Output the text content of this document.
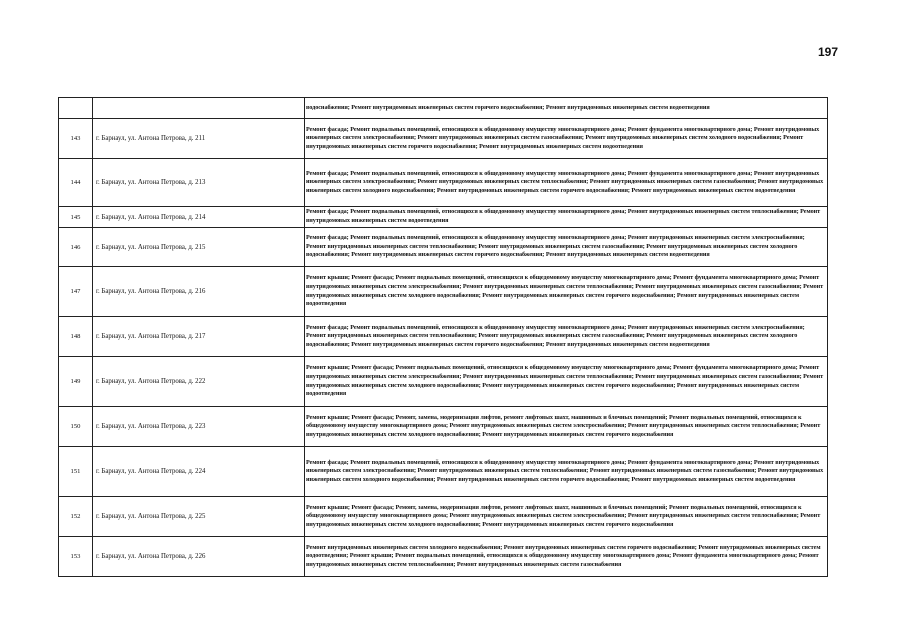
197
		водоснабжения; Ремонт внутридомовых инженерных систем горячего водоснабжения; Ремонт внутридомовых инженерных систем водоотведения
143	г. Барнаул, ул. Антона Петрова, д. 211	Ремонт фасада; Ремонт подвальных помещений, относящихся к общедомовому имуществу многоквартирного дома; Ремонт фундамента многоквартирного дома; Ремонт внутридомовых инженерных систем электроснабжения; Ремонт внутридомовых инженерных систем газоснабжения; Ремонт внутридомовых инженерных систем холодного водоснабжения; Ремонт внутридомовых инженерных систем горячего водоснабжения; Ремонт внутридомовых инженерных систем водоотведения
144	г. Барнаул, ул. Антона Петрова, д. 213	Ремонт фасада; Ремонт подвальных помещений, относящихся к общедомовому имуществу многоквартирного дома; Ремонт фундамента многоквартирного дома; Ремонт внутридомовых инженерных систем электроснабжения; Ремонт внутридомовых инженерных систем теплоснабжения; Ремонт внутридомовых инженерных систем газоснабжения; Ремонт внутридомовых инженерных систем холодного водоснабжения; Ремонт внутридомовых инженерных систем горячего водоснабжения; Ремонт внутридомовых инженерных систем водоотведения
145	г. Барнаул, ул. Антона Петрова, д. 214	Ремонт фасада; Ремонт подвальных помещений, относящихся к общедомовому имуществу многоквартирного дома; Ремонт внутридомовых инженерных систем теплоснабжения; Ремонт внутридомовых инженерных систем водоотведения
146	г. Барнаул, ул. Антона Петрова, д. 215	Ремонт фасада; Ремонт подвальных помещений, относящихся к общедомовому имуществу многоквартирного дома; Ремонт внутридомовых инженерных систем электроснабжения; Ремонт внутридомовых инженерных систем теплоснабжения; Ремонт внутридомовых инженерных систем газоснабжения; Ремонт внутридомовых инженерных систем холодного водоснабжения; Ремонт внутридомовых инженерных систем горячего водоснабжения; Ремонт внутридомовых инженерных систем водоотведения
147	г. Барнаул, ул. Антона Петрова, д. 216	Ремонт крыши; Ремонт фасада; Ремонт подвальных помещений, относящихся к общедомовому имуществу многоквартирного дома; Ремонт фундамента многоквартирного дома; Ремонт внутридомовых инженерных систем электроснабжения; Ремонт внутридомовых инженерных систем теплоснабжения; Ремонт внутридомовых инженерных систем газоснабжения; Ремонт внутридомовых инженерных систем холодного водоснабжения; Ремонт внутридомовых инженерных систем горячего водоснабжения; Ремонт внутридомовых инженерных систем водоотведения
148	г. Барнаул, ул. Антона Петрова, д. 217	Ремонт фасада; Ремонт подвальных помещений, относящихся к общедомовому имуществу многоквартирного дома; Ремонт внутридомовых инженерных систем электроснабжения; Ремонт внутридомовых инженерных систем теплоснабжения; Ремонт внутридомовых инженерных систем газоснабжения; Ремонт внутридомовых инженерных систем холодного водоснабжения; Ремонт внутридомовых инженерных систем горячего водоснабжения; Ремонт внутридомовых инженерных систем водоотведения
149	г. Барнаул, ул. Антона Петрова, д. 222	Ремонт крыши; Ремонт фасада; Ремонт подвальных помещений, относящихся к общедомовому имуществу многоквартирного дома; Ремонт фундамента многоквартирного дома; Ремонт внутридомовых инженерных систем электроснабжения; Ремонт внутридомовых инженерных систем теплоснабжения; Ремонт внутридомовых инженерных систем газоснабжения; Ремонт внутридомовых инженерных систем холодного водоснабжения; Ремонт внутридомовых инженерных систем горячего водоснабжения; Ремонт внутридомовых инженерных систем водоотведения
150	г. Барнаул, ул. Антона Петрова, д. 223	Ремонт крыши; Ремонт фасада; Ремонт, замена, модернизация лифтов, ремонт лифтовых шахт, машинных и блочных помещений; Ремонт подвальных помещений, относящихся к общедомовому имуществу многоквартирного дома; Ремонт внутридомовых инженерных систем электроснабжения; Ремонт внутридомовых инженерных систем теплоснабжения; Ремонт внутридомовых инженерных систем холодного водоснабжения; Ремонт внутридомовых инженерных систем горячего водоснабжения
151	г. Барнаул, ул. Антона Петрова, д. 224	Ремонт фасада; Ремонт подвальных помещений, относящихся к общедомовому имуществу многоквартирного дома; Ремонт фундамента многоквартирного дома; Ремонт внутридомовых инженерных систем электроснабжения; Ремонт внутридомовых инженерных систем теплоснабжения; Ремонт внутридомовых инженерных систем газоснабжения; Ремонт внутридомовых инженерных систем холодного водоснабжения; Ремонт внутридомовых инженерных систем горячего водоснабжения; Ремонт внутридомовых инженерных систем водоотведения
152	г. Барнаул, ул. Антона Петрова, д. 225	Ремонт крыши; Ремонт фасада; Ремонт, замена, модернизация лифтов, ремонт лифтовых шахт, машинных и блочных помещений; Ремонт подвальных помещений, относящихся к общедомовому имуществу многоквартирного дома; Ремонт внутридомовых инженерных систем электроснабжения; Ремонт внутридомовых инженерных систем теплоснабжения; Ремонт внутридомовых инженерных систем холодного водоснабжения; Ремонт внутридомовых инженерных систем горячего водоснабжения
153	г. Барнаул, ул. Антона Петрова, д. 226	Ремонт внутридомовых инженерных систем холодного водоснабжения; Ремонт внутридомовых инженерных систем горячего водоснабжения; Ремонт внутридомовых инженерных систем водоотведения; Ремонт крыши; Ремонт подвальных помещений, относящихся к общедомовому имуществу многоквартирного дома; Ремонт фундамента многоквартирного дома; Ремонт внутридомовых инженерных систем теплоснабжения; Ремонт внутридомовых инженерных систем газоснабжения
